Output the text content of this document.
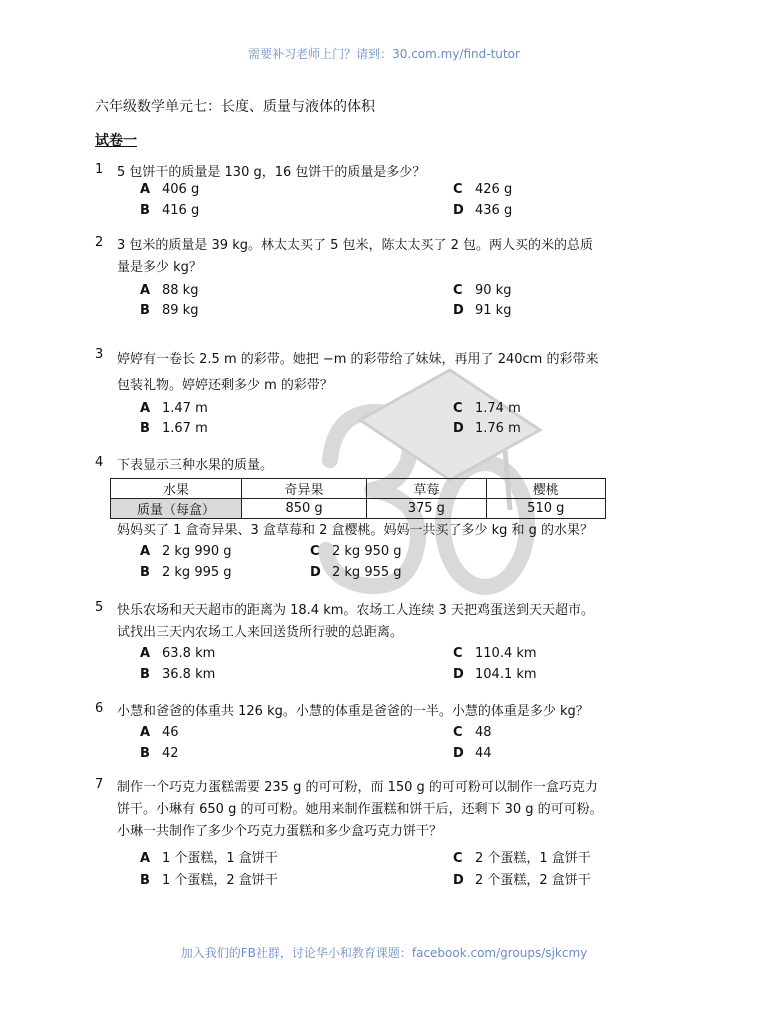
需要补习老师上门？请到：30.com.my/find-tutor
六年级数学单元七：长度、质量与液体的体积
试卷一
1 5 包饼干的质量是 130 g，16 包饼干的质量是多少？
A 406 g
B 416 g
C 426 g
D 436 g
2 3 包米的质量是 39 kg。林太太买了 5 包米，陈太太买了 2 包。两人买的米的总质
量是多少 kg？
A 88 kg
B 89 kg
C 90 kg
D 91 kg
3 婷婷有一卷长 2.5 m 的彩带。她把 −m 的彩带给了妹妹，再用了 240cm 的彩带来
包装礼物。婷婷还剩多少 m 的彩带？
A 1.47 m
B 1.67 m
C 1.74 m
D 1.76 m
4 下表显示三种水果的质量。
妈妈买了 1 盒奇异果、3 盒草莓和 2 盒樱桃。妈妈一共买了多少 kg 和 g 的水果？
A 2 kg 990 g
B 2 kg 995 g
C 2 kg 950 g
D 2 kg 955 g
水果	奇异果	草莓	樱桃
质量（每盒）	850 g	375 g	510 g
5 快乐农场和天天超市的距离为 18.4 km。农场工人连续 3 天把鸡蛋送到天天超市。
试找出三天内农场工人来回送货所行驶的总距离。
A 63.8 km
B 36.8 km
C 110.4 km
D 104.1 km
6 小慧和爸爸的体重共 126 kg。小慧的体重是爸爸的一半。小慧的体重是多少 kg？
A 46
B 42
C 48
D 44
7 制作一个巧克力蛋糕需要 235 g 的可可粉，而 150 g 的可可粉可以制作一盒巧克力
饼干。小琳有 650 g 的可可粉。她用来制作蛋糕和饼干后，还剩下 30 g 的可可粉。
小琳一共制作了多少个巧克力蛋糕和多少盒巧克力饼干？
A 1 个蛋糕，1 盒饼干
B 1 个蛋糕，2 盒饼干
C 2 个蛋糕，1 盒饼干
D 2 个蛋糕，2 盒饼干
加入我们的FB社群，讨论华小和教育课题：facebook.com/groups/sjkcmy
